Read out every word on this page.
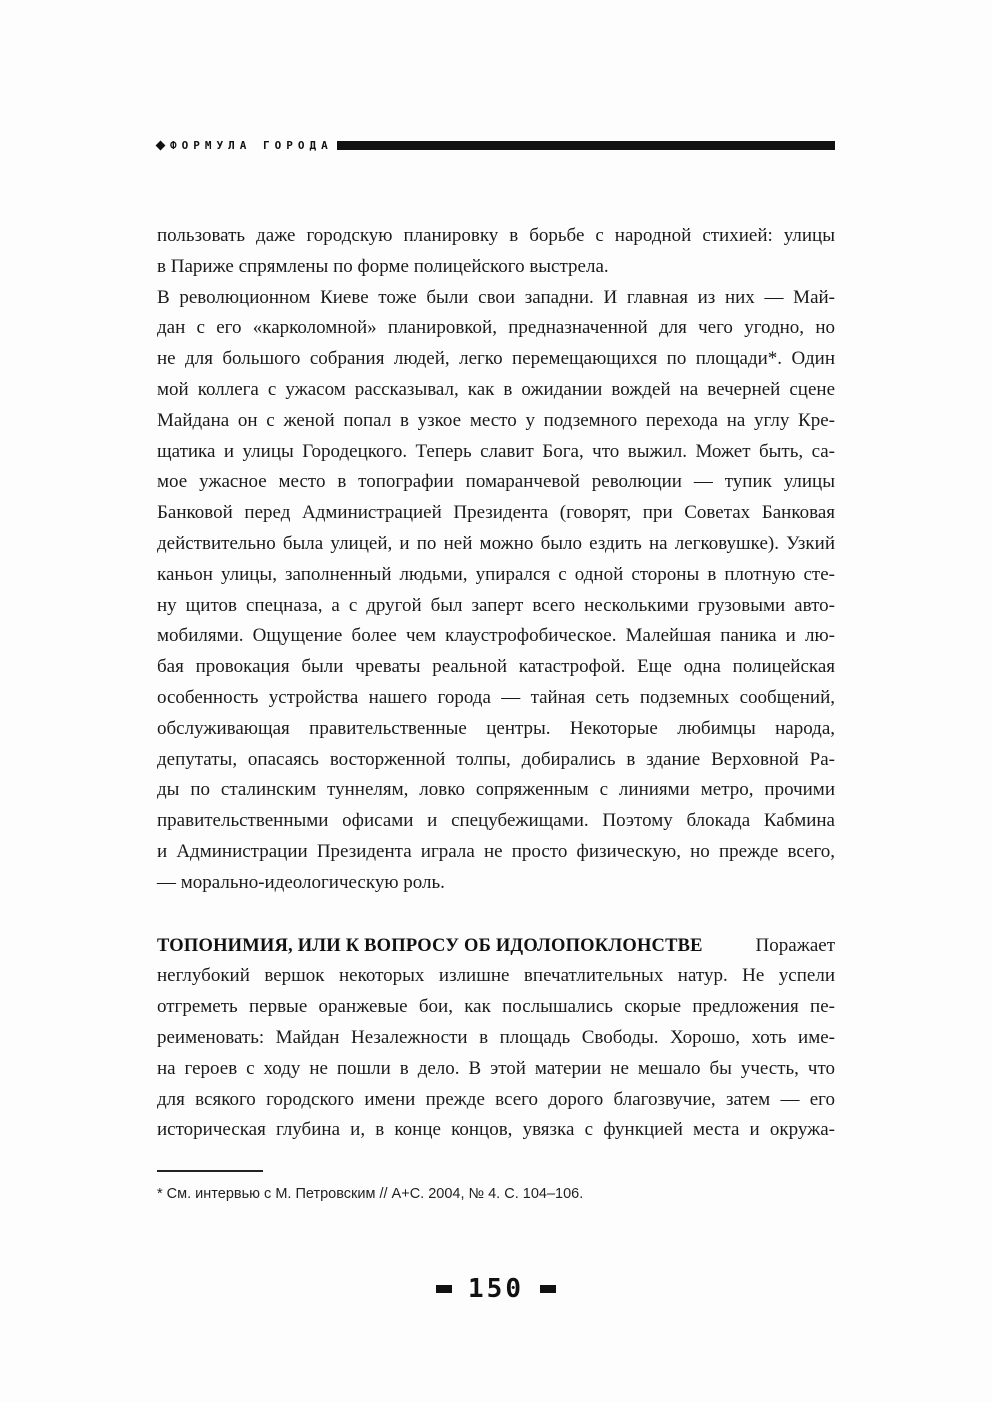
ФОРМУЛА ГОРОДА
пользовать даже городскую планировку в борьбе с народной стихией: улицы
в Париже спрямлены по форме полицейского выстрела.
В революционном Киеве тоже были свои западни. И главная из них — Май-
дан с его «карколомной» планировкой, предназначенной для чего угодно, но
не для большого собрания людей, легко перемещающихся по площади*. Один
мой коллега с ужасом рассказывал, как в ожидании вождей на вечерней сцене
Майдана он с женой попал в узкое место у подземного перехода на углу Кре-
щатика и улицы Городецкого. Теперь славит Бога, что выжил. Может быть, са-
мое ужасное место в топографии помаранчевой революции — тупик улицы
Банковой перед Администрацией Президента (говорят, при Советах Банковая
действительно была улицей, и по ней можно было ездить на легковушке). Узкий
каньон улицы, заполненный людьми, упирался с одной стороны в плотную сте-
ну щитов спецназа, а с другой был заперт всего несколькими грузовыми авто-
мобилями. Ощущение более чем клаустрофобическое. Малейшая паника и лю-
бая провокация были чреваты реальной катастрофой. Еще одна полицейская
особенность устройства нашего города — тайная сеть подземных сообщений,
обслуживающая правительственные центры. Некоторые любимцы народа,
депутаты, опасаясь восторженной толпы, добирались в здание Верховной Ра-
ды по сталинским туннелям, ловко сопряженным с линиями метро, прочими
правительственными офисами и спецубежищами. Поэтому блокада Кабмина
и Администрации Президента играла не просто физическую, но прежде всего,
— морально-идеологическую роль.
ТОПОНИМИЯ, ИЛИ К ВОПРОСУ ОБ ИДОЛОПОКЛОНСТВЕ	Поражает
неглубокий вершок некоторых излишне впечатлительных натур. Не успели
отгреметь первые оранжевые бои, как послышались скорые предложения пе-
реименовать: Майдан Незалежности в площадь Свободы. Хорошо, хоть име-
на героев с ходу не пошли в дело. В этой материи не мешало бы учесть, что
для всякого городского имени прежде всего дорого благозвучие, затем — его
историческая глубина и, в конце концов, увязка с функцией места и окружа-
* См. интервью с М. Петровским // А+С. 2004, № 4. С. 104–106.
150
